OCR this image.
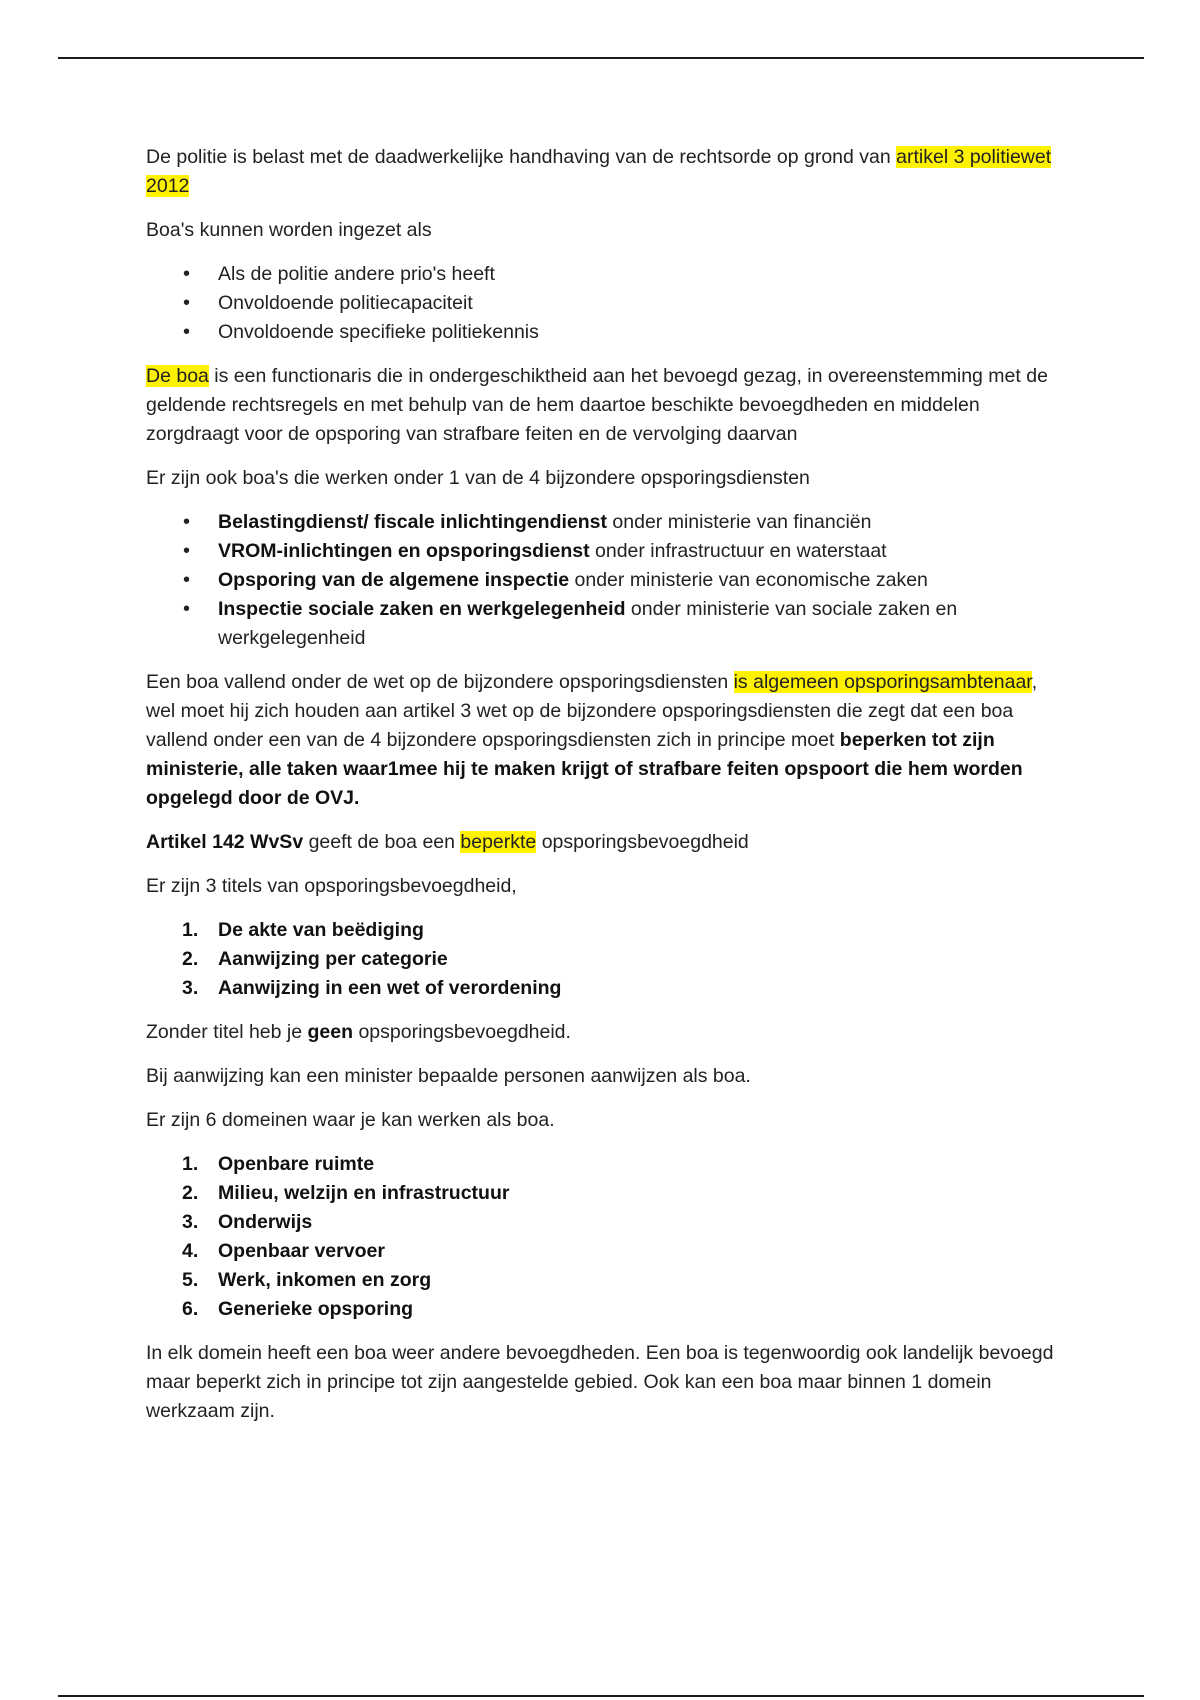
De politie is belast met de daadwerkelijke handhaving van de rechtsorde op grond van artikel 3 politiewet 2012

Boa's kunnen worden ingezet als

• Als de politie andere prio's heeft
• Onvoldoende politiecapaciteit
• Onvoldoende specifieke politiekennis

De boa is een functionaris die in ondergeschiktheid aan het bevoegd gezag, in overeenstemming met de geldende rechtsregels en met behulp van de hem daartoe beschikte bevoegdheden en middelen zorgdraagt voor de opsporing van strafbare feiten en de vervolging daarvan

Er zijn ook boa's die werken onder 1 van de 4 bijzondere opsporingsdiensten

• Belastingdienst/ fiscale inlichtingendienst onder ministerie van financiën
• VROM-inlichtingen en opsporingsdienst onder infrastructuur en waterstaat
• Opsporing van de algemene inspectie onder ministerie van economische zaken
• Inspectie sociale zaken en werkgelegenheid onder ministerie van sociale zaken en werkgelegenheid

Een boa vallend onder de wet op de bijzondere opsporingsdiensten is algemeen opsporingsambtenaar, wel moet hij zich houden aan artikel 3 wet op de bijzondere opsporingsdiensten die zegt dat een boa vallend onder een van de 4 bijzondere opsporingsdiensten zich in principe moet beperken tot zijn ministerie, alle taken waar1mee hij te maken krijgt of strafbare feiten opspoort die hem worden opgelegd door de OVJ.

Artikel 142 WvSv geeft de boa een beperkte opsporingsbevoegdheid

Er zijn 3 titels van opsporingsbevoegdheid,

1. De akte van beëdiging
2. Aanwijzing per categorie
3. Aanwijzing in een wet of verordening

Zonder titel heb je geen opsporingsbevoegdheid.

Bij aanwijzing kan een minister bepaalde personen aanwijzen als boa.

Er zijn 6 domeinen waar je kan werken als boa.

1. Openbare ruimte
2. Milieu, welzijn en infrastructuur
3. Onderwijs
4. Openbaar vervoer
5. Werk, inkomen en zorg
6. Generieke opsporing

In elk domein heeft een boa weer andere bevoegdheden. Een boa is tegenwoordig ook landelijk bevoegd maar beperkt zich in principe tot zijn aangestelde gebied. Ook kan een boa maar binnen 1 domein werkzaam zijn.
